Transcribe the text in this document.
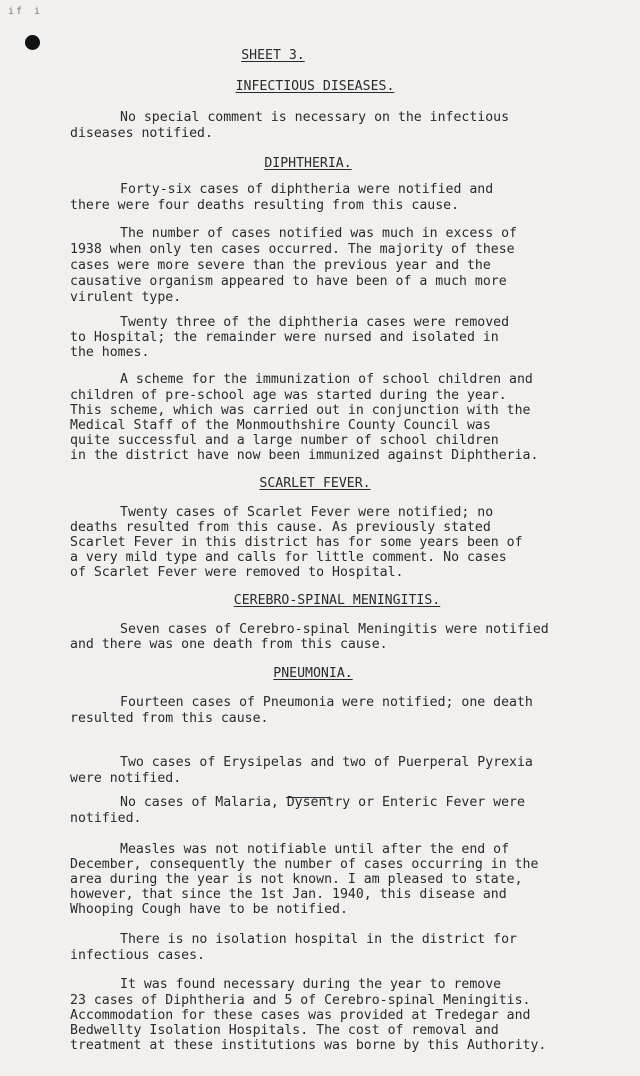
i f i
SHEET 3.
INFECTIOUS DISEASES.
No special comment is necessary on the infectious
diseases notified.
DIPHTHERIA.
Forty-six cases of diphtheria were notified and
there were four deaths resulting from this cause.
The number of cases notified was much in excess of
1938 when only ten cases occurred. The majority of these
cases were more severe than the previous year and the
causative organism appeared to have been of a much more
virulent type.
Twenty three of the diphtheria cases were removed
to Hospital; the remainder were nursed and isolated in
the homes.
A scheme for the immunization of school children and
children of pre-school age was started during the year.
This scheme, which was carried out in conjunction with the
Medical Staff of the Monmouthshire County Council was
quite successful and a large number of school children
in the district have now been immunized against Diphtheria.
SCARLET FEVER.
Twenty cases of Scarlet Fever were notified; no
deaths resulted from this cause. As previously stated
Scarlet Fever in this district has for some years been of
a very mild type and calls for little comment. No cases
of Scarlet Fever were removed to Hospital.
CEREBRO-SPINAL MENINGITIS.
Seven cases of Cerebro-spinal Meningitis were notified
and there was one death from this cause.
PNEUMONIA.
Fourteen cases of Pneumonia were notified; one death
resulted from this cause.
Two cases of Erysipelas and two of Puerperal Pyrexia
were notified.
No cases of Malaria, Dysentry or Enteric Fever were
notified.
Measles was not notifiable until after the end of
December, consequently the number of cases occurring in the
area during the year is not known. I am pleased to state,
however, that since the 1st Jan. 1940, this disease and
Whooping Cough have to be notified.
There is no isolation hospital in the district for
infectious cases.
It was found necessary during the year to remove
23 cases of Diphtheria and 5 of Cerebro-spinal Meningitis.
Accommodation for these cases was provided at Tredegar and
Bedwellty Isolation Hospitals. The cost of removal and
treatment at these institutions was borne by this Authority.
